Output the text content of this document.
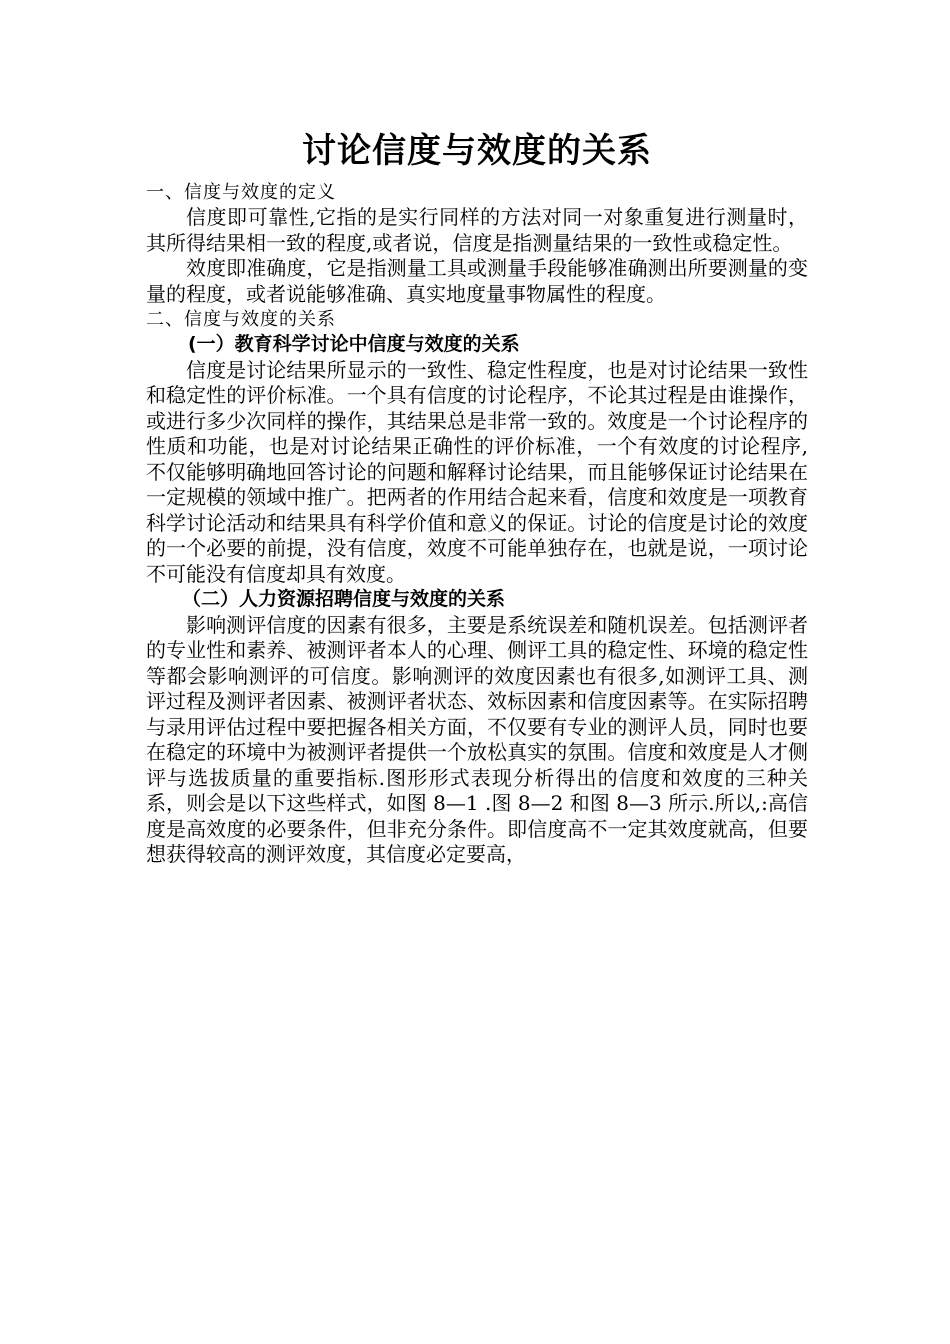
讨论信度与效度的关系

一、信度与效度的定义

信度即可靠性,它指的是实行同样的方法对同一对象重复进行测量时，其所得结果相一致的程度,或者说，信度是指测量结果的一致性或稳定性。

效度即准确度，它是指测量工具或测量手段能够准确测出所要测量的变量的程度，或者说能够准确、真实地度量事物属性的程度。

二、信度与效度的关系

(一）教育科学讨论中信度与效度的关系

信度是讨论结果所显示的一致性、稳定性程度，也是对讨论结果一致性和稳定性的评价标准。一个具有信度的讨论程序，不论其过程是由谁操作，或进行多少次同样的操作，其结果总是非常一致的。效度是一个讨论程序的性质和功能，也是对讨论结果正确性的评价标准，一个有效度的讨论程序,不仅能够明确地回答讨论的问题和解释讨论结果，而且能够保证讨论结果在一定规模的领域中推广。把两者的作用结合起来看，信度和效度是一项教育科学讨论活动和结果具有科学价值和意义的保证。讨论的信度是讨论的效度的一个必要的前提，没有信度，效度不可能单独存在，也就是说，一项讨论不可能没有信度却具有效度。

（二）人力资源招聘信度与效度的关系

影响测评信度的因素有很多，主要是系统误差和随机误差。包括测评者的专业性和素养、被测评者本人的心理、侧评工具的稳定性、环境的稳定性等都会影响测评的可信度。影响测评的效度因素也有很多,如测评工具、测评过程及测评者因素、被测评者状态、效标因素和信度因素等。在实际招聘与录用评估过程中要把握各相关方面，不仅要有专业的测评人员，同时也要在稳定的环境中为被测评者提供一个放松真实的氛围。信度和效度是人才侧评与选拔质量的重要指标.图形形式表现分析得出的信度和效度的三种关系，则会是以下这些样式，如图 8—1 .图 8—2 和图 8—3 所示.所以,:高信度是高效度的必要条件，但非充分条件。即信度高不一定其效度就高，但要想获得较高的测评效度，其信度必定要高，
